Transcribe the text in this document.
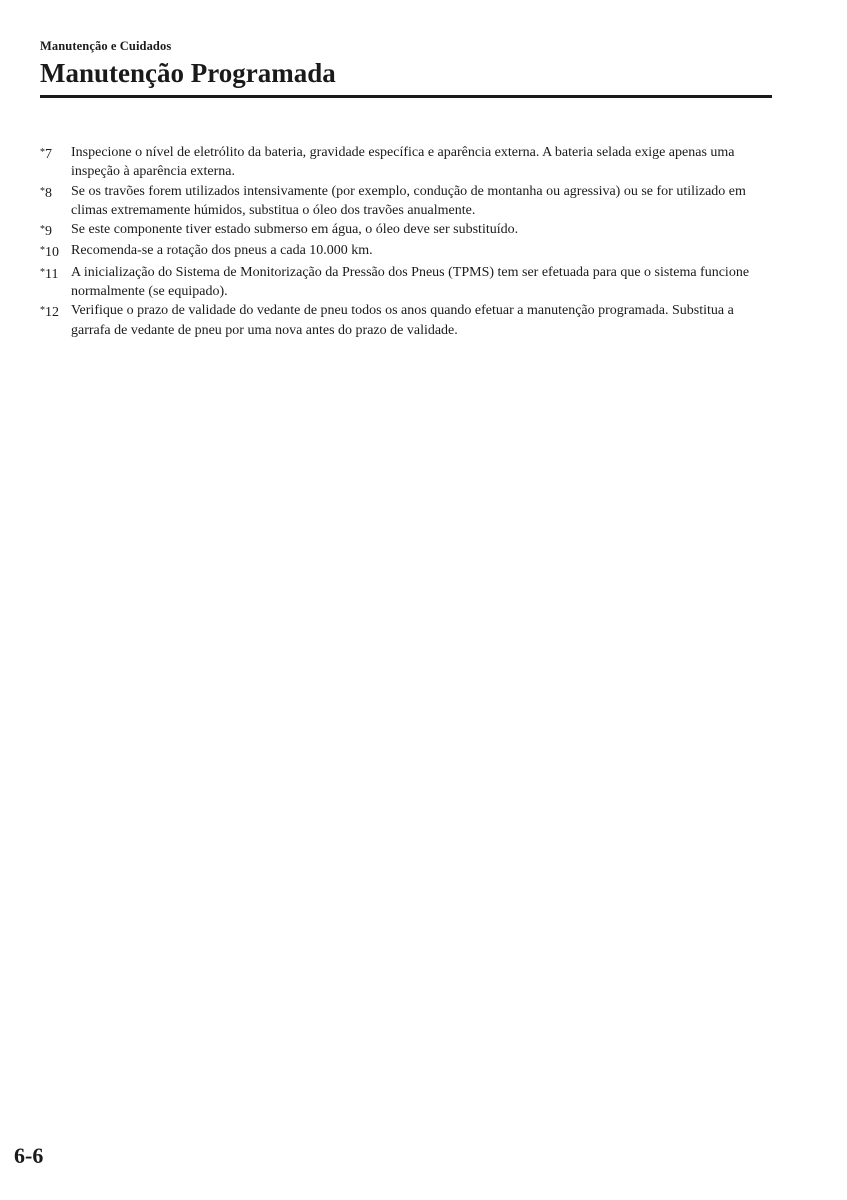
Manutenção e Cuidados
Manutenção Programada
*7	Inspecione o nível de eletrólito da bateria, gravidade específica e aparência externa. A bateria selada exige apenas uma inspeção à aparência externa.
*8	Se os travões forem utilizados intensivamente (por exemplo, condução de montanha ou agressiva) ou se for utilizado em climas extremamente húmidos, substitua o óleo dos travões anualmente.
*9	Se este componente tiver estado submerso em água, o óleo deve ser substituído.
*10 Recomenda-se a rotação dos pneus a cada 10.000 km.
*11 A inicialização do Sistema de Monitorização da Pressão dos Pneus (TPMS) tem ser efetuada para que o sistema funcione normalmente (se equipado).
*12 Verifique o prazo de validade do vedante de pneu todos os anos quando efetuar a manutenção programada. Substitua a garrafa de vedante de pneu por uma nova antes do prazo de validade.
6-6
